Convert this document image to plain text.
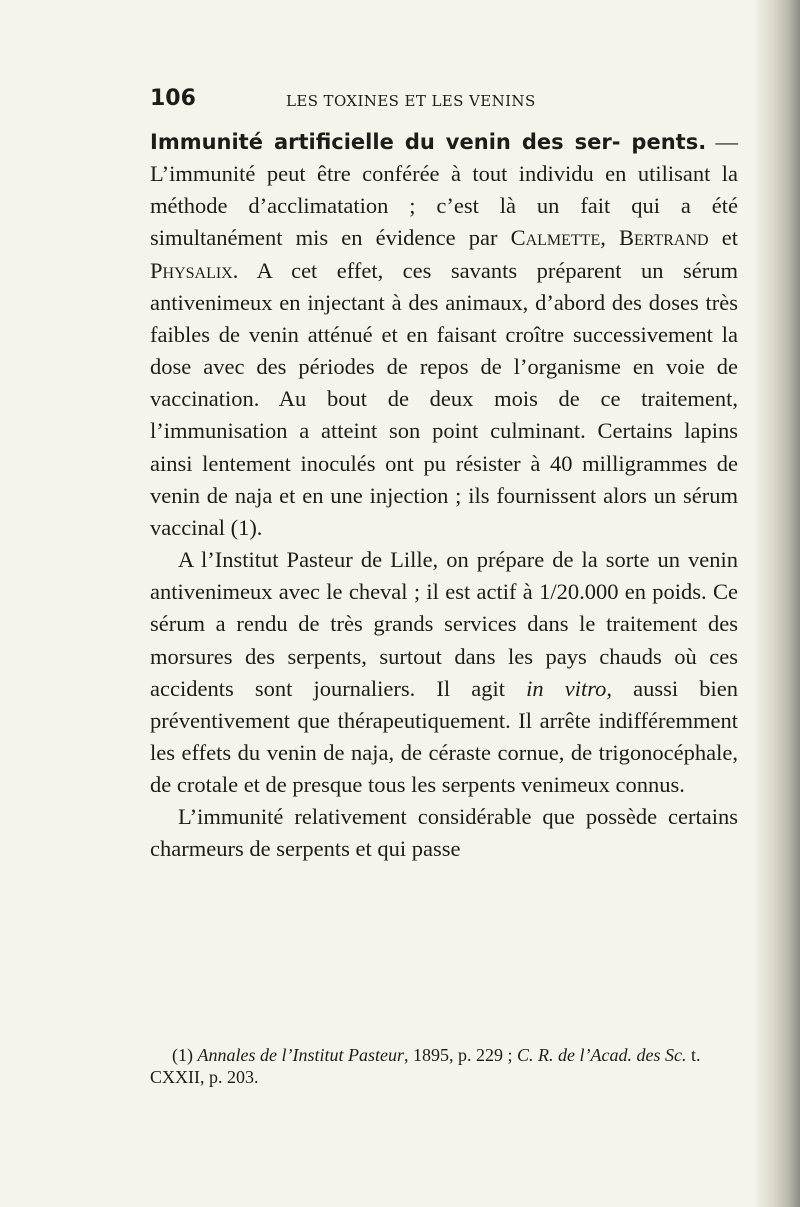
106	LES TOXINES ET LES VENINS

Immunité artificielle du venin des ser- pents. — L’immunité peut être conférée à tout individu en utilisant la méthode d’acclimatation ; c’est là un fait qui a été simultanément mis en évidence par Calmette, Bertrand et Physalix. A cet effet, ces savants préparent un sérum antivenimeux en injectant à des animaux, d’abord des doses très faibles de venin atténué et en faisant croître successivement la dose avec des périodes de repos de l’organisme en voie de vaccination. Au bout de deux mois de ce traitement, l’immunisation a atteint son point culminant. Certains lapins ainsi lentement inoculés ont pu résister à 40 milligrammes de venin de naja et en une injection ; ils fournissent alors un sérum vaccinal (1).

A l’Institut Pasteur de Lille, on prépare de la sorte un venin antivenimeux avec le cheval ; il est actif à 1/20.000 en poids. Ce sérum a rendu de très grands services dans le traitement des morsures des serpents, surtout dans les pays chauds où ces accidents sont journaliers. Il agit in vitro, aussi bien préventivement que thérapeutiquement. Il arrête indifféremment les effets du venin de naja, de céraste cornue, de trigonocéphale, de crotale et de presque tous les serpents venimeux connus.

L’immunité relativement considérable que possède certains charmeurs de serpents et qui passe

(1) Annales de l’Institut Pasteur, 1895, p. 229 ; C. R. de l’Acad. des Sc. t. CXXII, p. 203.
